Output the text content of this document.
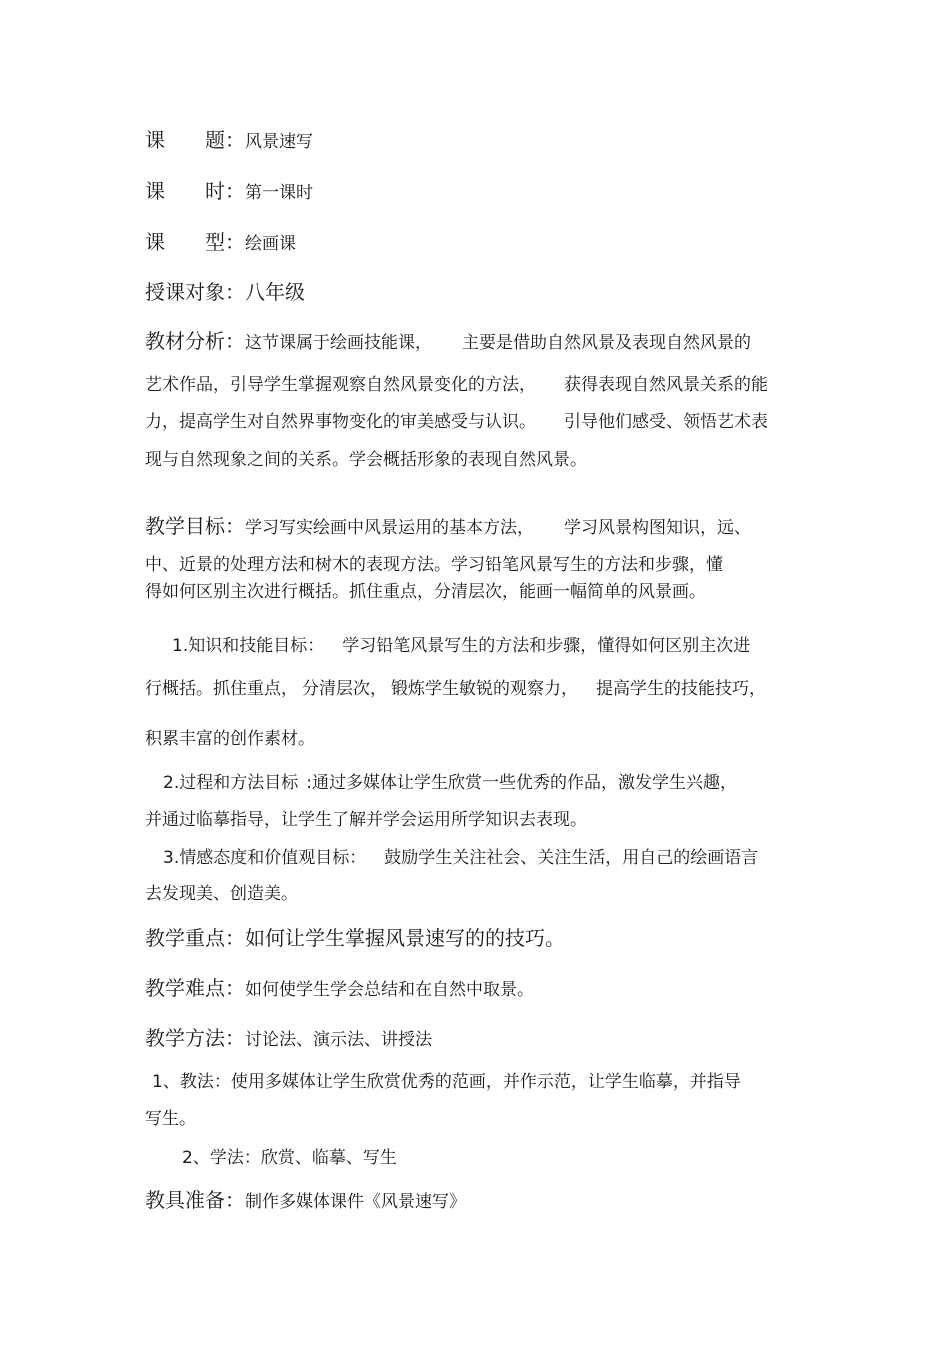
课　　题：风景速写
课　　时：第一课时
课　　型：绘画课
授课对象：八年级
教材分析：这节课属于绘画技能课， 主要是借助自然风景及表现自然风景的
艺术作品，引导学生掌握观察自然风景变化的方法， 获得表现自然风景关系的能
力，提高学生对自然界事物变化的审美感受与认识。 引导他们感受、领悟艺术表
现与自然现象之间的关系。学会概括形象的表现自然风景。
教学目标：学习写实绘画中风景运用的基本方法， 学习风景构图知识，远、
中、近景的处理方法和树木的表现方法。学习铅笔风景写生的方法和步骤，懂
得如何区别主次进行概括。抓住重点，分清层次，能画一幅简单的风景画。
1.知识和技能目标： 学习铅笔风景写生的方法和步骤，懂得如何区别主次进
行概括。抓住重点， 分清层次， 锻炼学生敏锐的观察力， 提高学生的技能技巧，
积累丰富的创作素材。
2.过程和方法目标 :通过多媒体让学生欣赏一些优秀的作品，激发学生兴趣，
并通过临摹指导，让学生了解并学会运用所学知识去表现。
3.情感态度和价值观目标： 鼓励学生关注社会、关注生活，用自己的绘画语言
去发现美、创造美。
教学重点：如何让学生掌握风景速写的的技巧。
教学难点：如何使学生学会总结和在自然中取景。
教学方法：讨论法、演示法、讲授法
1、教法：使用多媒体让学生欣赏优秀的范画，并作示范，让学生临摹，并指导
写生。
2、学法：欣赏、临摹、写生
教具准备：制作多媒体课件《风景速写》
